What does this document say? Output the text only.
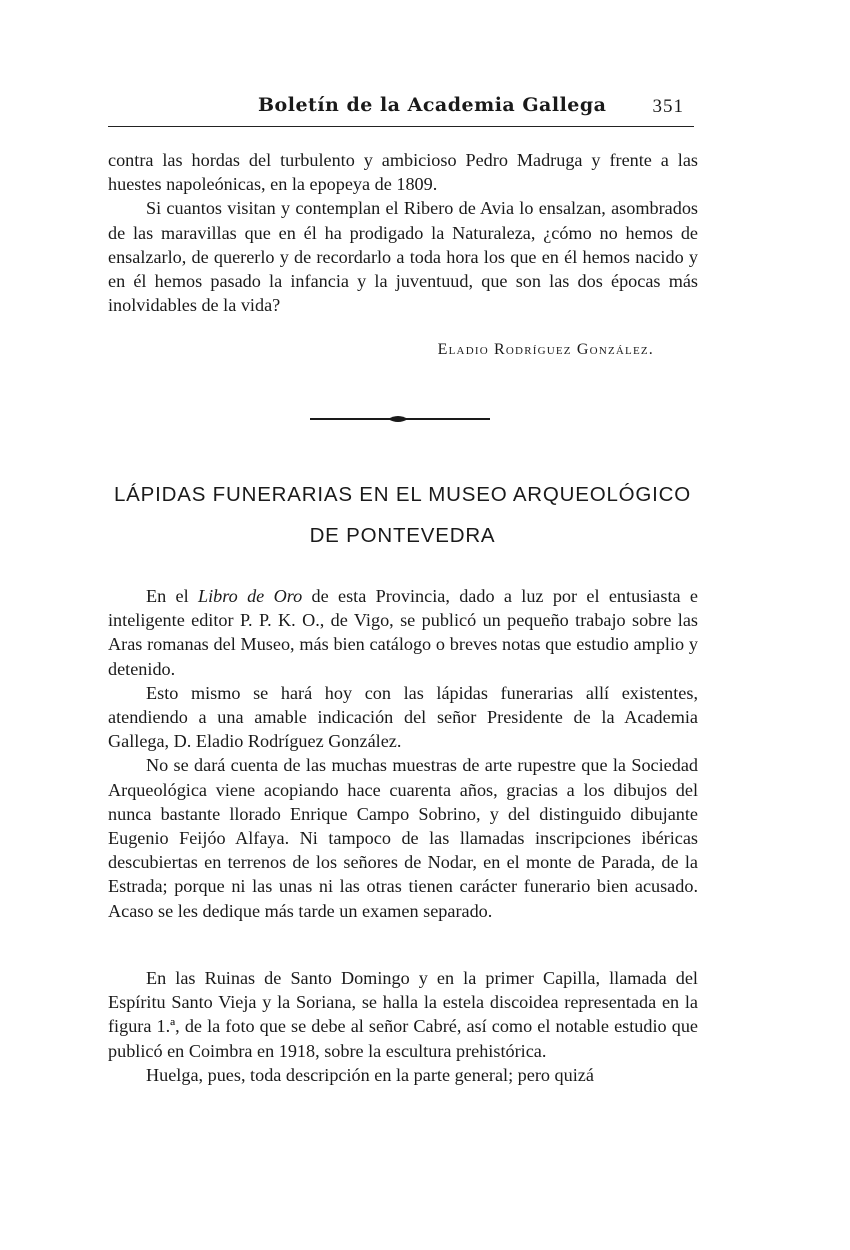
Boletín de la Academia Gallega 351

contra las hordas del turbulento y ambicioso Pedro Madruga y frente a las huestes napoleónicas, en la epopeya de 1809.

Si cuantos visitan y contemplan el Ribero de Avia lo ensalzan, asombrados de las maravillas que en él ha prodigado la Naturaleza, ¿cómo no hemos de ensalzarlo, de quererlo y de recordarlo a toda hora los que en él hemos nacido y en él hemos pasado la infancia y la juventuud, que son las dos épocas más inolvidables de la vida?

Eladio Rodríguez González.
LÁPIDAS FUNERARIAS EN EL MUSEO ARQUEOLÓGICO
DE PONTEVEDRA

En el Libro de Oro de esta Provincia, dado a luz por el entusiasta e inteligente editor P. P. K. O., de Vigo, se publicó un pequeño trabajo sobre las Aras romanas del Museo, más bien catálogo o breves notas que estudio amplio y detenido.

Esto mismo se hará hoy con las lápidas funerarias allí existentes, atendiendo a una amable indicación del señor Presidente de la Academia Gallega, D. Eladio Rodríguez González.

No se dará cuenta de las muchas muestras de arte rupestre que la Sociedad Arqueológica viene acopiando hace cuarenta años, gracias a los dibujos del nunca bastante llorado Enrique Campo Sobrino, y del distinguido dibujante Eugenio Feijóo Alfaya. Ni tampoco de las llamadas inscripciones ibéricas descubiertas en terrenos de los señores de Nodar, en el monte de Parada, de la Estrada; porque ni las unas ni las otras tienen carácter funerario bien acusado. Acaso se les dedique más tarde un examen separado.

En las Ruinas de Santo Domingo y en la primer Capilla, llamada del Espíritu Santo Vieja y la Soriana, se halla la estela discoidea representada en la figura 1.ª, de la foto que se debe al señor Cabré, así como el notable estudio que publicó en Coimbra en 1918, sobre la escultura prehistórica.

Huelga, pues, toda descripción en la parte general; pero quizá
